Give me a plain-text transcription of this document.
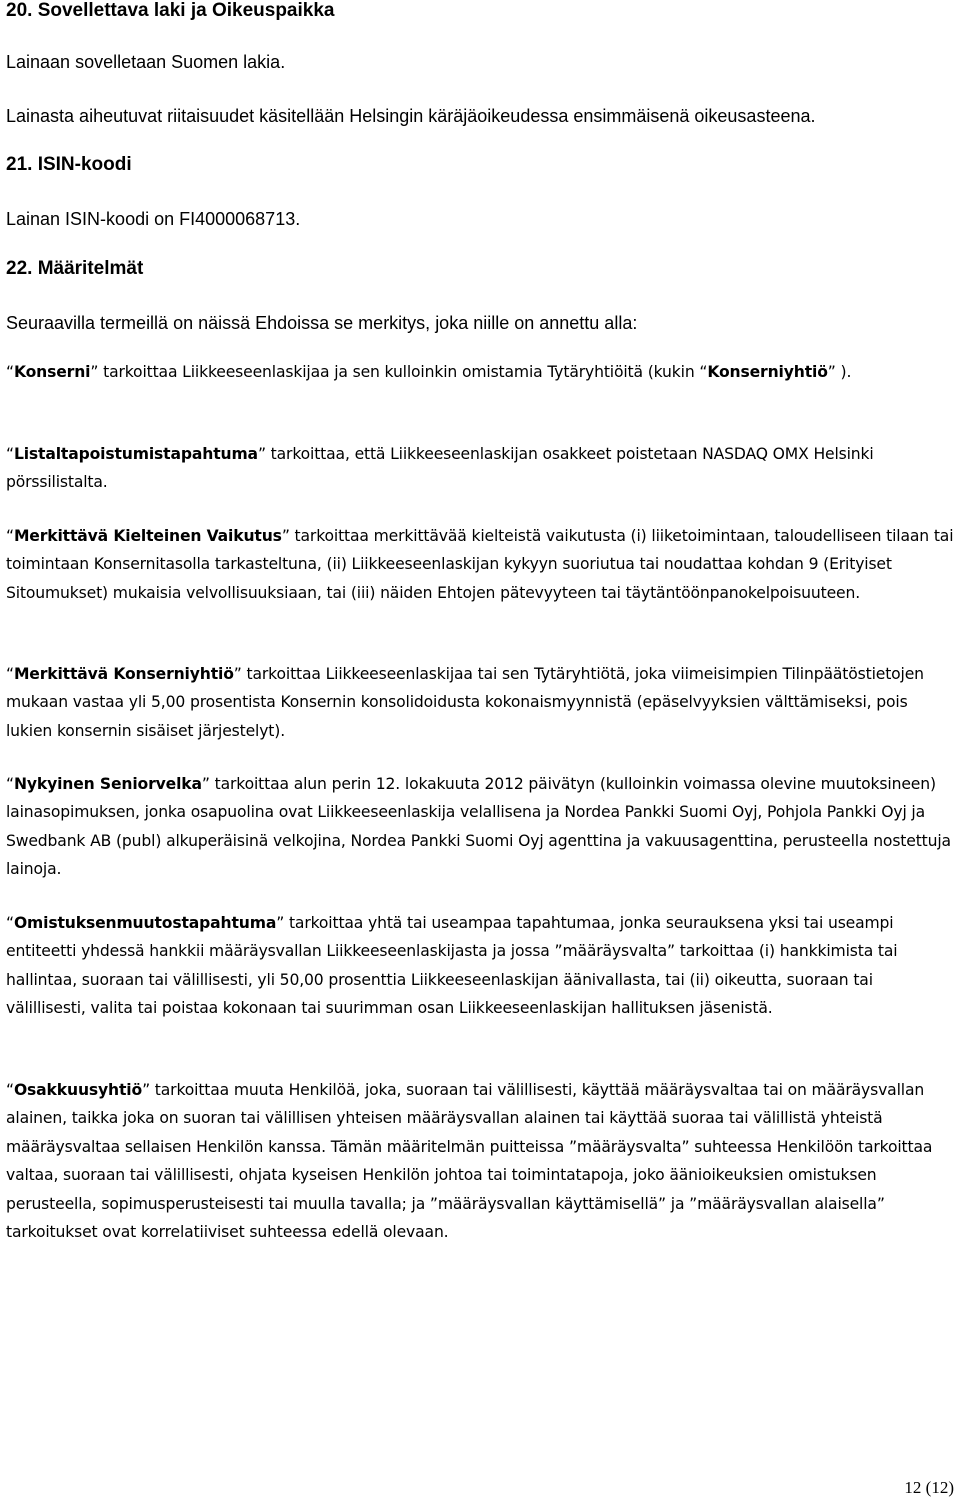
20. Sovellettava laki ja Oikeuspaikka

Lainaan sovelletaan Suomen lakia.

Lainasta aiheutuvat riitaisuudet käsitellään Helsingin käräjäoikeudessa ensimmäisenä oikeusasteena.

21. ISIN-koodi

Lainan ISIN-koodi on FI4000068713.

22. Määritelmät

Seuraavilla termeillä on näissä Ehdoissa se merkitys, joka niille on annettu alla:

“Konserni” tarkoittaa Liikkeeseenlaskijaa ja sen kulloinkin omistamia Tytäryhtiöitä (kukin “Konserniyhtiö” ).

“Listaltapoistumistapahtuma” tarkoittaa, että Liikkeeseenlaskijan osakkeet poistetaan NASDAQ OMX Helsinki pörssilistalta.

“Merkittävä Kielteinen Vaikutus” tarkoittaa merkittävää kielteistä vaikutusta (i) liiketoimintaan, taloudelliseen tilaan tai toimintaan Konsernitasolla tarkasteltuna, (ii) Liikkeeseenlaskijan kykyyn suoriutua tai noudattaa kohdan 9 (Erityiset Sitoumukset) mukaisia velvollisuuksiaan, tai (iii) näiden Ehtojen pätevyyteen tai täytäntöönpanokelpoisuuteen.

“Merkittävä Konserniyhtiö” tarkoittaa Liikkeeseenlaskijaa tai sen Tytäryhtiötä, joka viimeisimpien Tilinpäätöstietojen mukaan vastaa yli 5,00 prosentista Konsernin konsolidoidusta kokonaismyynnistä (epäselvyyksien välttämiseksi, pois lukien konsernin sisäiset järjestelyt).

“Nykyinen Seniorvelka” tarkoittaa alun perin 12. lokakuuta 2012 päivätyn (kulloinkin voimassa olevine muutoksineen) lainasopimuksen, jonka osapuolina ovat Liikkeeseenlaskija velallisena ja Nordea Pankki Suomi Oyj, Pohjola Pankki Oyj ja Swedbank AB (publ) alkuperäisinä velkojina, Nordea Pankki Suomi Oyj agenttina ja vakuusagenttina, perusteella nostettuja lainoja.

“Omistuksenmuutostapahtuma” tarkoittaa yhtä tai useampaa tapahtumaa, jonka seurauksena yksi tai useampi entiteetti yhdessä hankkii määräysvallan Liikkeeseenlaskijasta ja jossa ”määräysvalta” tarkoittaa (i) hankkimista tai hallintaa, suoraan tai välillisesti, yli 50,00 prosenttia Liikkeeseenlaskijan äänivallasta, tai (ii) oikeutta, suoraan tai välillisesti, valita tai poistaa kokonaan tai suurimman osan Liikkeeseenlaskijan hallituksen jäsenistä.

“Osakkuusyhtiö” tarkoittaa muuta Henkilöä, joka, suoraan tai välillisesti, käyttää määräysvaltaa tai on määräysvallan alainen, taikka joka on suoran tai välillisen yhteisen määräysvallan alainen tai käyttää suoraa tai välillistä yhteistä määräysvaltaa sellaisen Henkilön kanssa. Tämän määritelmän puitteissa ”määräysvalta” suhteessa Henkilöön tarkoittaa valtaa, suoraan tai välillisesti, ohjata kyseisen Henkilön johtoa tai toimintatapoja, joko äänioikeuksien omistuksen perusteella, sopimusperusteisesti tai muulla tavalla; ja ”määräysvallan käyttämisellä” ja ”määräysvallan alaisella” tarkoitukset ovat korrelatiiviset suhteessa edellä olevaan.

12 (12)
